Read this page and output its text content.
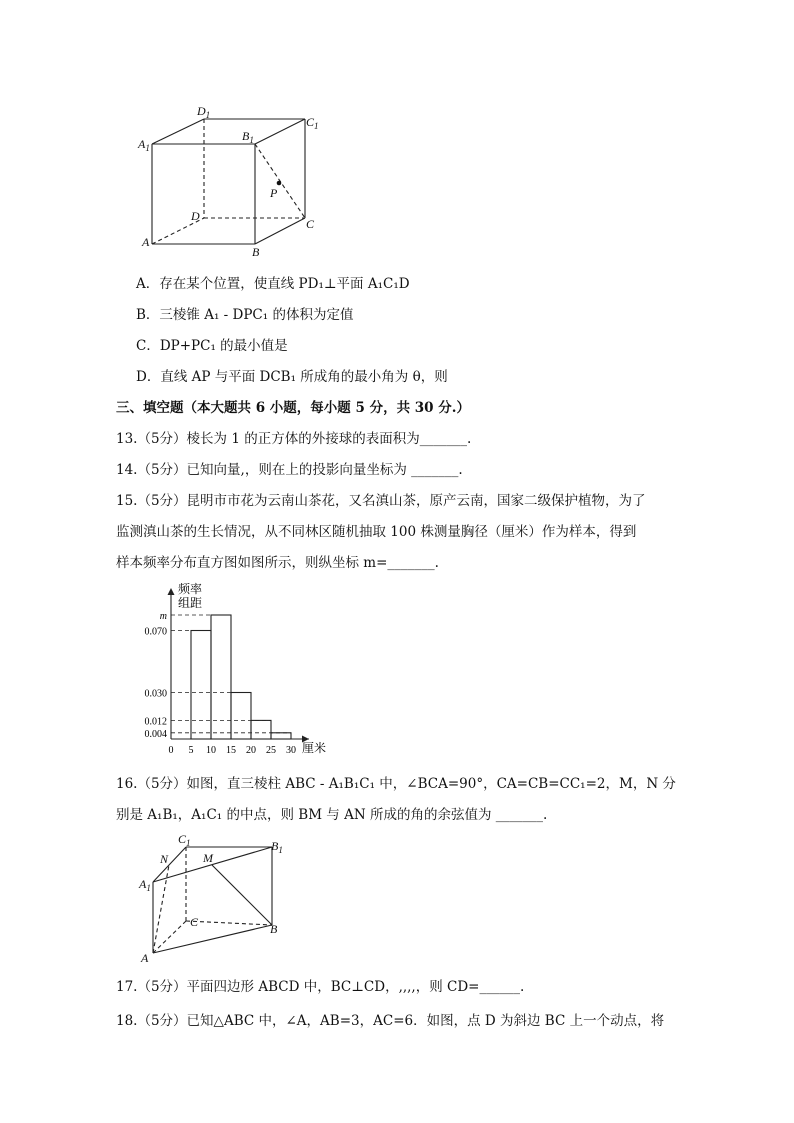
$A_1$
$D_1$
$B_1$
$C_1$
P
D
C
A
B
A．存在某个位置，使直线 PD₁⊥平面 A₁C₁D
B．三棱锥 A₁ - DPC₁ 的体积为定值
C．DP+PC₁ 的最小值是
D．直线 AP 与平面 DCB₁ 所成角的最小角为 θ，则
三、填空题（本大题共 6 小题，每小题 5 分，共 30 分.）
13.（5分）棱长为 1 的正方体的外接球的表面积为_______.
14.（5分）已知向量,，则在上的投影向量坐标为 _______.
15.（5分）昆明市市花为云南山茶花，又名滇山茶，原产云南，国家二级保护植物，为了
监测滇山茶的生长情况，从不同林区随机抽取 100 株测量胸径（厘米）作为样本，得到
样本频率分布直方图如图所示，则纵坐标 m=_______.
频率
组距
厘米
m
0.070
0.030
0.012
0.004
0 5 10 15 20 25 30
16.（5分）如图，直三棱柱 ABC - A₁B₁C₁ 中，∠BCA=90°，CA=CB=CC₁=2，M，N 分
别是 A₁B₁，A₁C₁ 的中点，则 BM 与 AN 所成的角的余弦值为 _______.
$C_1$
N	M
$B_1$
$A_1$
C	B
A
17.（5分）平面四边形 ABCD 中，BC⊥CD，,,,,，则 CD=______.
18.（5分）已知△ABC 中，∠A，AB=3，AC=6．如图，点 D 为斜边 BC 上一个动点，将
